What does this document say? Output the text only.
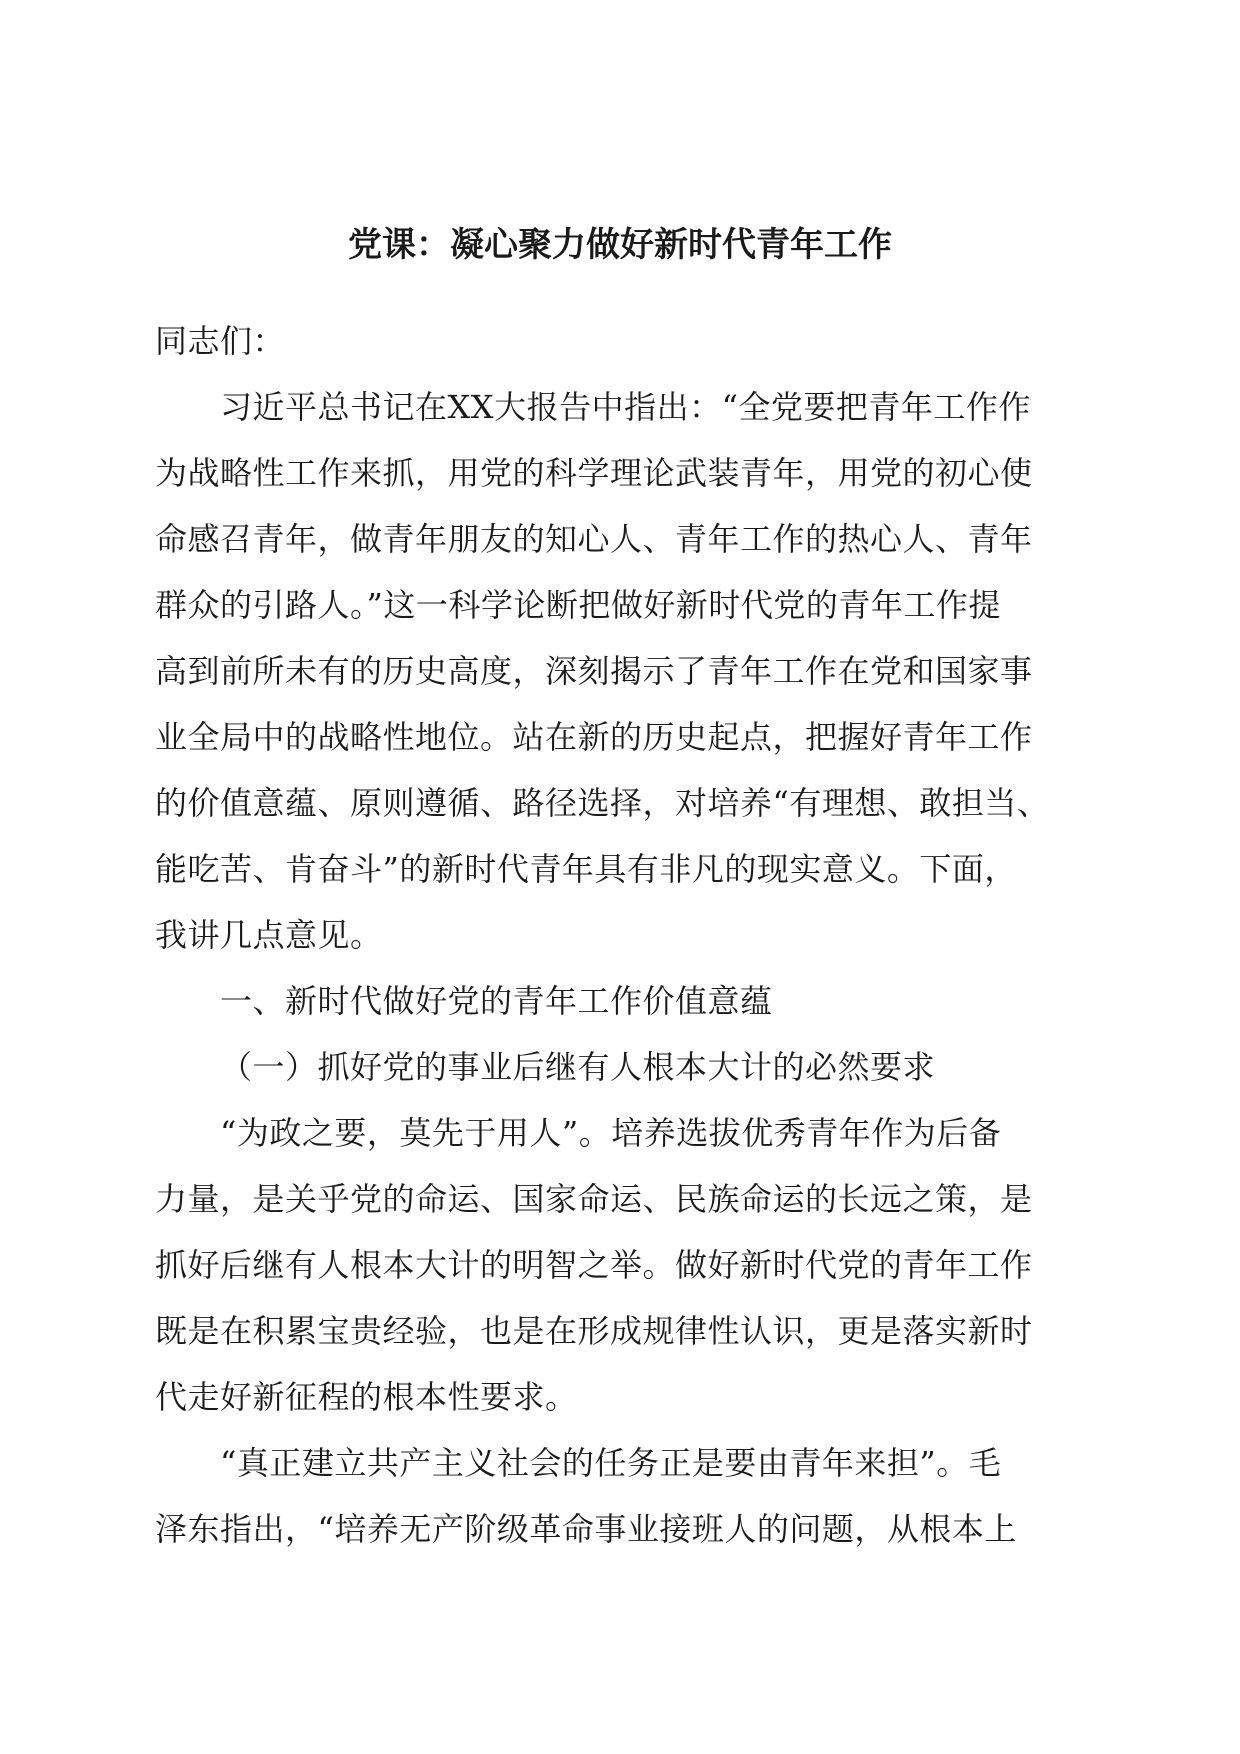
党课：凝心聚力做好新时代青年工作
同志们：
习近平总书记在XX大报告中指出：“全党要把青年工作作
为战略性工作来抓，用党的科学理论武装青年，用党的初心使
命感召青年，做青年朋友的知心人、青年工作的热心人、青年
群众的引路人。”这一科学论断把做好新时代党的青年工作提
高到前所未有的历史高度，深刻揭示了青年工作在党和国家事
业全局中的战略性地位。站在新的历史起点，把握好青年工作
的价值意蕴、原则遵循、路径选择，对培养“有理想、敢担当、
能吃苦、肯奋斗”的新时代青年具有非凡的现实意义。下面，
我讲几点意见。
一、新时代做好党的青年工作价值意蕴
（一）抓好党的事业后继有人根本大计的必然要求
“为政之要，莫先于用人”。培养选拔优秀青年作为后备
力量，是关乎党的命运、国家命运、民族命运的长远之策，是
抓好后继有人根本大计的明智之举。做好新时代党的青年工作
既是在积累宝贵经验，也是在形成规律性认识，更是落实新时
代走好新征程的根本性要求。
“真正建立共产主义社会的任务正是要由青年来担”。毛
泽东指出，“培养无产阶级革命事业接班人的问题，从根本上
